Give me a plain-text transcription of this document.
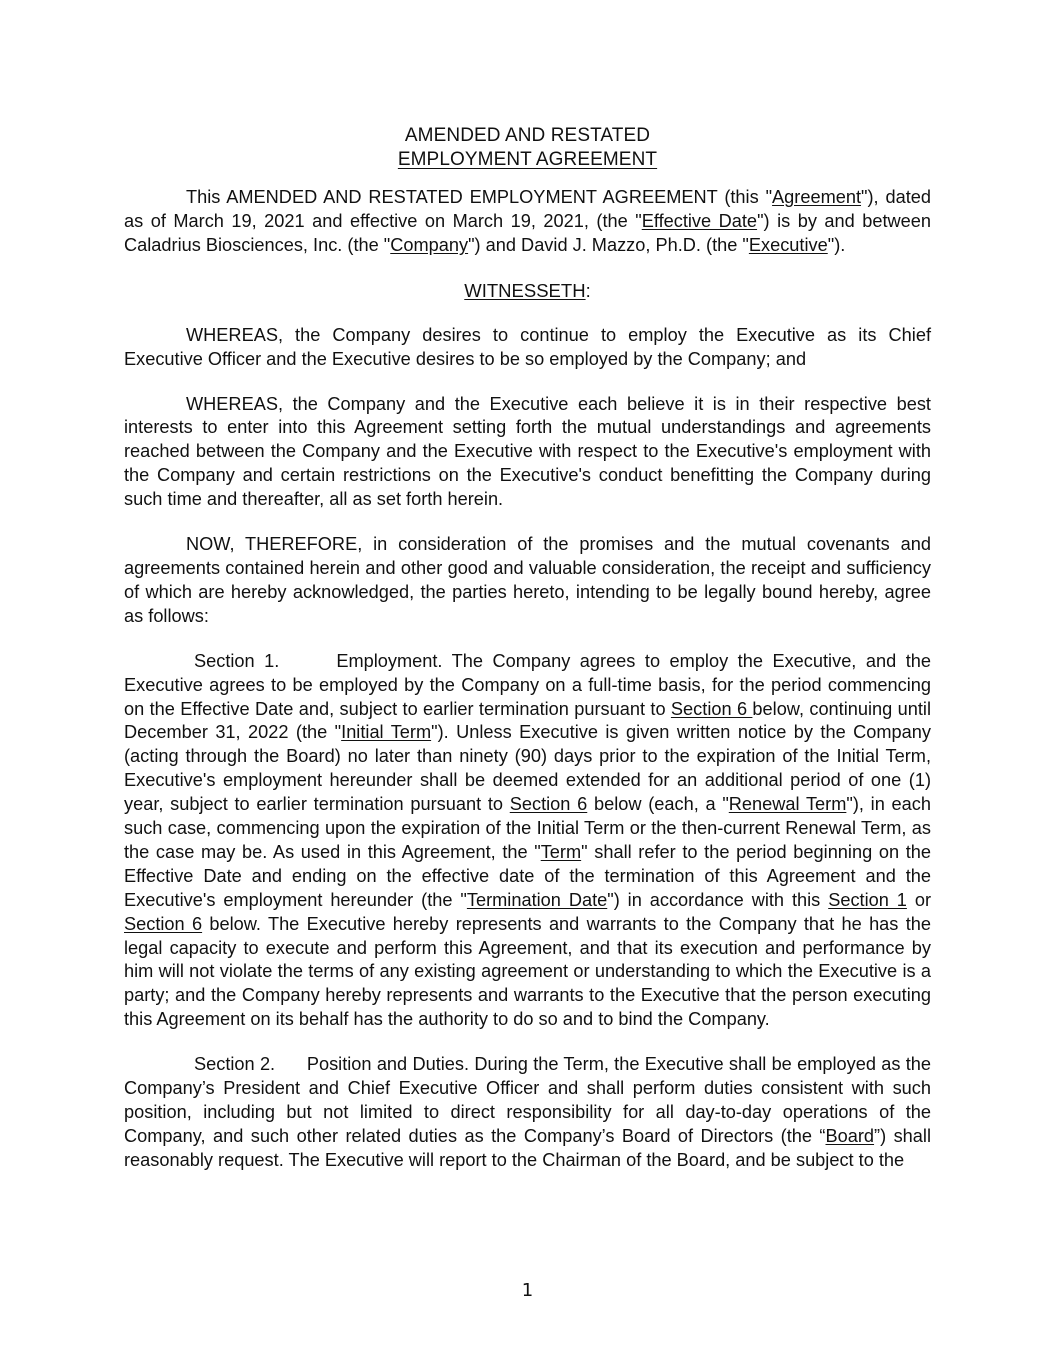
AMENDED AND RESTATED
EMPLOYMENT AGREEMENT

This AMENDED AND RESTATED EMPLOYMENT AGREEMENT (this "Agreement"), dated as of March 19, 2021 and effective on March 19, 2021, (the "Effective Date") is by and between Caladrius Biosciences, Inc. (the "Company") and David J. Mazzo, Ph.D. (the "Executive").

WITNESSETH:

WHEREAS, the Company desires to continue to employ the Executive as its Chief Executive Officer and the Executive desires to be so employed by the Company; and

WHEREAS, the Company and the Executive each believe it is in their respective best interests to enter into this Agreement setting forth the mutual understandings and agreements reached between the Company and the Executive with respect to the Executive's employment with the Company and certain restrictions on the Executive's conduct benefitting the Company during such time and thereafter, all as set forth herein.

NOW, THEREFORE, in consideration of the promises and the mutual covenants and agreements contained herein and other good and valuable consideration, the receipt and sufficiency of which are hereby acknowledged, the parties hereto, intending to be legally bound hereby, agree as follows:

Section 1.	Employment. The Company agrees to employ the Executive, and the Executive agrees to be employed by the Company on a full-time basis, for the period commencing on the Effective Date and, subject to earlier termination pursuant to Section 6 below, continuing until December 31, 2022 (the "Initial Term"). Unless Executive is given written notice by the Company (acting through the Board) no later than ninety (90) days prior to the expiration of the Initial Term, Executive's employment hereunder shall be deemed extended for an additional period of one (1) year, subject to earlier termination pursuant to Section 6 below (each, a "Renewal Term"), in each such case, commencing upon the expiration of the Initial Term or the then-current Renewal Term, as the case may be. As used in this Agreement, the "Term" shall refer to the period beginning on the Effective Date and ending on the effective date of the termination of this Agreement and the Executive's employment hereunder (the "Termination Date") in accordance with this Section 1 or Section 6 below. The Executive hereby represents and warrants to the Company that he has the legal capacity to execute and perform this Agreement, and that its execution and performance by him will not violate the terms of any existing agreement or understanding to which the Executive is a party; and the Company hereby represents and warrants to the Executive that the person executing this Agreement on its behalf has the authority to do so and to bind the Company.

Section 2. Position and Duties. During the Term, the Executive shall be employed as the Company’s President and Chief Executive Officer and shall perform duties consistent with such position, including but not limited to direct responsibility for all day-to-day operations of the Company, and such other related duties as the Company’s Board of Directors (the “Board”) shall reasonably request. The Executive will report to the Chairman of the Board, and be subject to the

1
